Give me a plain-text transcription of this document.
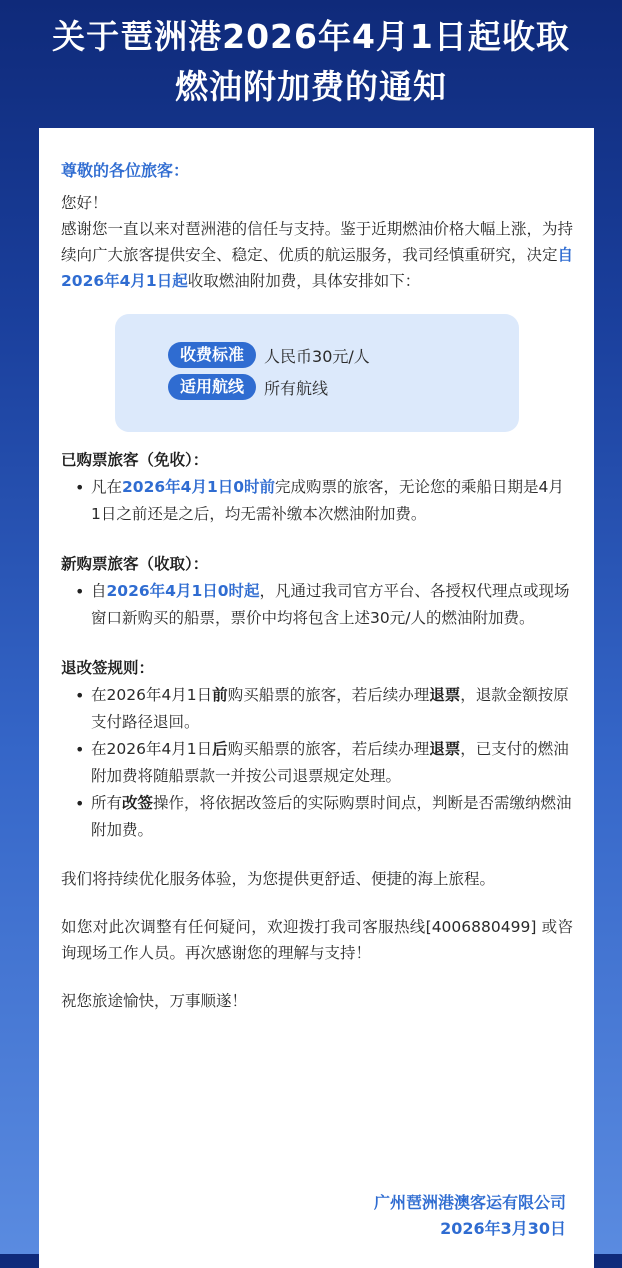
关于琶洲港2026年4月1日起收取
燃油附加费的通知
尊敬的各位旅客：

您好！

感谢您一直以来对琶洲港的信任与支持。鉴于近期燃油价格大幅上涨，为持续向广大旅客提供安全、稳定、优质的航运服务，我司经慎重研究，决定自2026年4月1日起收取燃油附加费，具体安排如下：

收费标准	人民币30元/人
适用航线	所有航线
已购票旅客（免收）：
• 凡在2026年4月1日0时前完成购票的旅客，无论您的乘船日期是4月1日之前还是之后，均无需补缴本次燃油附加费。
新购票旅客（收取）：
• 自2026年4月1日0时起，凡通过我司官方平台、各授权代理点或现场窗口新购买的船票，票价中均将包含上述30元/人的燃油附加费。
退改签规则：
• 在2026年4月1日前购买船票的旅客，若后续办理退票，退款金额按原支付路径退回。
• 在2026年4月1日后购买船票的旅客，若后续办理退票，已支付的燃油附加费将随船票款一并按公司退票规定处理。
• 所有改签操作，将依据改签后的实际购票时间点，判断是否需缴纳燃油附加费。

我们将持续优化服务体验，为您提供更舒适、便捷的海上旅程。

如您对此次调整有任何疑问，欢迎拨打我司客服热线[4006880499] 或咨询现场工作人员。再次感谢您的理解与支持！

祝您旅途愉快，万事顺遂！

广州琶洲港澳客运有限公司
2026年3月30日
